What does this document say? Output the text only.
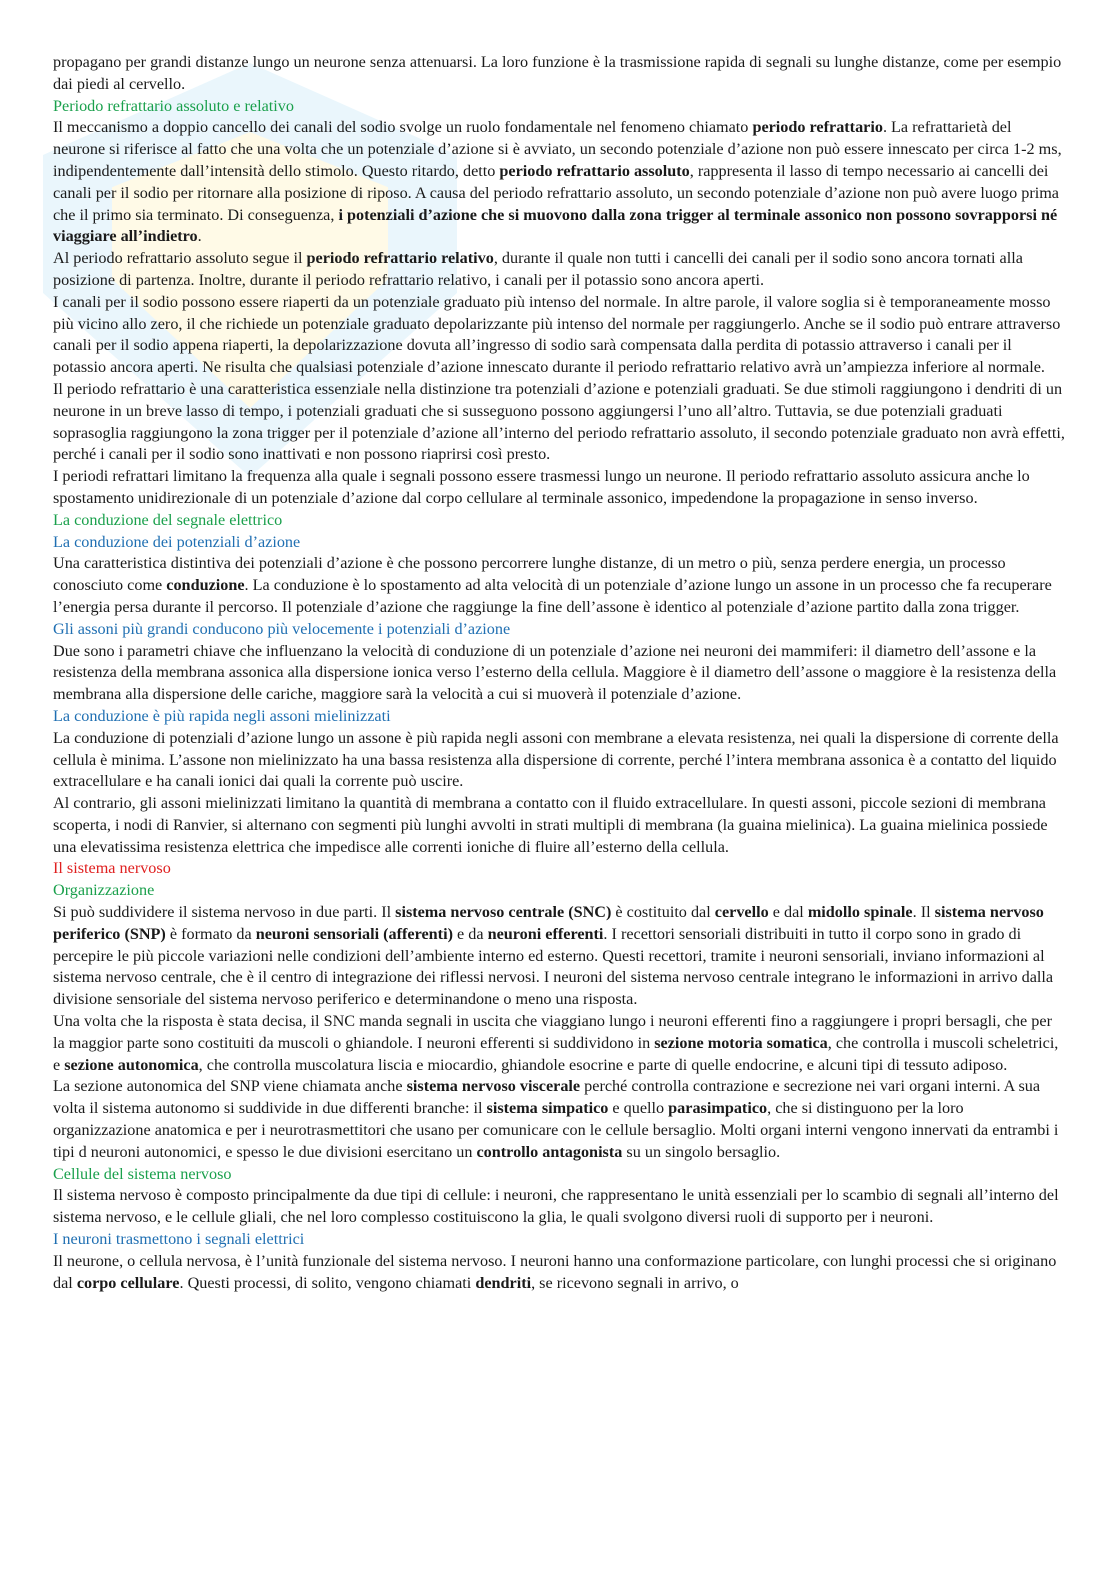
propagano per grandi distanze lungo un neurone senza attenuarsi. La loro funzione è la trasmissione rapida di segnali su lunghe distanze, come per esempio dai piedi al cervello.

Periodo refrattario assoluto e relativo

Il meccanismo a doppio cancello dei canali del sodio svolge un ruolo fondamentale nel fenomeno chiamato periodo refrattario. La refrattarietà del neurone si riferisce al fatto che una volta che un potenziale d’azione si è avviato, un secondo potenziale d’azione non può essere innescato per circa 1-2 ms, indipendentemente dall’intensità dello stimolo. Questo ritardo, detto periodo refrattario assoluto, rappresenta il lasso di tempo necessario ai cancelli dei canali per il sodio per ritornare alla posizione di riposo. A causa del periodo refrattario assoluto, un secondo potenziale d’azione non può avere luogo prima che il primo sia terminato. Di conseguenza, i potenziali d’azione che si muovono dalla zona trigger al terminale assonico non possono sovrapporsi né viaggiare all’indietro.

Al periodo refrattario assoluto segue il periodo refrattario relativo, durante il quale non tutti i cancelli dei canali per il sodio sono ancora tornati alla posizione di partenza. Inoltre, durante il periodo refrattario relativo, i canali per il potassio sono ancora aperti.

I canali per il sodio possono essere riaperti da un potenziale graduato più intenso del normale. In altre parole, il valore soglia si è temporaneamente mosso più vicino allo zero, il che richiede un potenziale graduato depolarizzante più intenso del normale per raggiungerlo. Anche se il sodio può entrare attraverso canali per il sodio appena riaperti, la depolarizzazione dovuta all’ingresso di sodio sarà compensata dalla perdita di potassio attraverso i canali per il potassio ancora aperti. Ne risulta che qualsiasi potenziale d’azione innescato durante il periodo refrattario relativo avrà un’ampiezza inferiore al normale.

Il periodo refrattario è una caratteristica essenziale nella distinzione tra potenziali d’azione e potenziali graduati. Se due stimoli raggiungono i dendriti di un neurone in un breve lasso di tempo, i potenziali graduati che si susseguono possono aggiungersi l’uno all’altro. Tuttavia, se due potenziali graduati soprasoglia raggiungono la zona trigger per il potenziale d’azione all’interno del periodo refrattario assoluto, il secondo potenziale graduato non avrà effetti, perché i canali per il sodio sono inattivati e non possono riaprirsi così presto.

I periodi refrattari limitano la frequenza alla quale i segnali possono essere trasmessi lungo un neurone. Il periodo refrattario assoluto assicura anche lo spostamento unidirezionale di un potenziale d’azione dal corpo cellulare al terminale assonico, impedendone la propagazione in senso inverso.

La conduzione del segnale elettrico
La conduzione dei potenziali d’azione

Una caratteristica distintiva dei potenziali d’azione è che possono percorrere lunghe distanze, di un metro o più, senza perdere energia, un processo conosciuto come conduzione. La conduzione è lo spostamento ad alta velocità di un potenziale d’azione lungo un assone in un processo che fa recuperare l’energia persa durante il percorso. Il potenziale d’azione che raggiunge la fine dell’assone è identico al potenziale d’azione partito dalla zona trigger.

Gli assoni più grandi conducono più velocemente i potenziali d’azione

Due sono i parametri chiave che influenzano la velocità di conduzione di un potenziale d’azione nei neuroni dei mammiferi: il diametro dell’assone e la resistenza della membrana assonica alla dispersione ionica verso l’esterno della cellula. Maggiore è il diametro dell’assone o maggiore è la resistenza della membrana alla dispersione delle cariche, maggiore sarà la velocità a cui si muoverà il potenziale d’azione.

La conduzione è più rapida negli assoni mielinizzati

La conduzione di potenziali d’azione lungo un assone è più rapida negli assoni con membrane a elevata resistenza, nei quali la dispersione di corrente della cellula è minima. L’assone non mielinizzato ha una bassa resistenza alla dispersione di corrente, perché l’intera membrana assonica è a contatto del liquido extracellulare e ha canali ionici dai quali la corrente può uscire.

Al contrario, gli assoni mielinizzati limitano la quantità di membrana a contatto con il fluido extracellulare. In questi assoni, piccole sezioni di membrana scoperta, i nodi di Ranvier, si alternano con segmenti più lunghi avvolti in strati multipli di membrana (la guaina mielinica). La guaina mielinica possiede una elevatissima resistenza elettrica che impedisce alle correnti ioniche di fluire all’esterno della cellula.

Il sistema nervoso
Organizzazione

Si può suddividere il sistema nervoso in due parti. Il sistema nervoso centrale (SNC) è costituito dal cervello e dal midollo spinale. Il sistema nervoso periferico (SNP) è formato da neuroni sensoriali (afferenti) e da neuroni efferenti. I recettori sensoriali distribuiti in tutto il corpo sono in grado di percepire le più piccole variazioni nelle condizioni dell’ambiente interno ed esterno. Questi recettori, tramite i neuroni sensoriali, inviano informazioni al sistema nervoso centrale, che è il centro di integrazione dei riflessi nervosi. I neuroni del sistema nervoso centrale integrano le informazioni in arrivo dalla divisione sensoriale del sistema nervoso periferico e determinandone o meno una risposta.

Una volta che la risposta è stata decisa, il SNC manda segnali in uscita che viaggiano lungo i neuroni efferenti fino a raggiungere i propri bersagli, che per la maggior parte sono costituiti da muscoli o ghiandole. I neuroni efferenti si suddividono in sezione motoria somatica, che controlla i muscoli scheletrici, e sezione autonomica, che controlla muscolatura liscia e miocardio, ghiandole esocrine e parte di quelle endocrine, e alcuni tipi di tessuto adiposo.

La sezione autonomica del SNP viene chiamata anche sistema nervoso viscerale perché controlla contrazione e secrezione nei vari organi interni. A sua volta il sistema autonomo si suddivide in due differenti branche: il sistema simpatico e quello parasimpatico, che si distinguono per la loro organizzazione anatomica e per i neurotrasmettitori che usano per comunicare con le cellule bersaglio. Molti organi interni vengono innervati da entrambi i tipi d neuroni autonomici, e spesso le due divisioni esercitano un controllo antagonista su un singolo bersaglio.

Cellule del sistema nervoso

Il sistema nervoso è composto principalmente da due tipi di cellule: i neuroni, che rappresentano le unità essenziali per lo scambio di segnali all’interno del sistema nervoso, e le cellule gliali, che nel loro complesso costituiscono la glia, le quali svolgono diversi ruoli di supporto per i neuroni.

I neuroni trasmettono i segnali elettrici

Il neurone, o cellula nervosa, è l’unità funzionale del sistema nervoso. I neuroni hanno una conformazione particolare, con lunghi processi che si originano dal corpo cellulare. Questi processi, di solito, vengono chiamati dendriti, se ricevono segnali in arrivo, o
